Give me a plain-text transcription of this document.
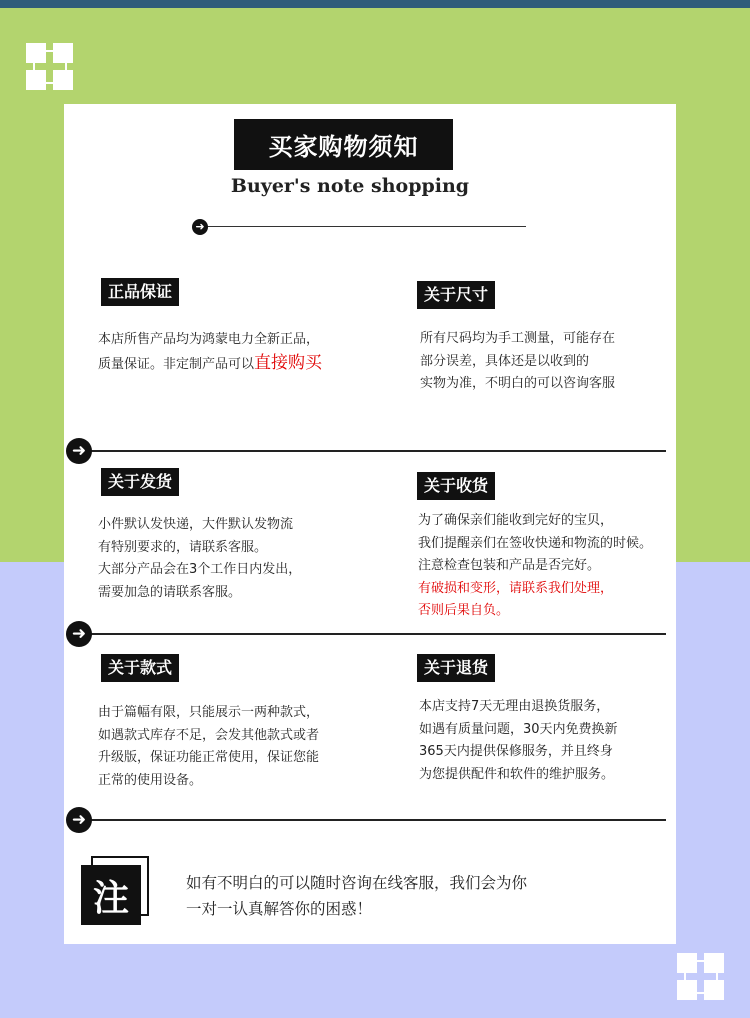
买家购物须知
Buyer's note shopping
➜
正品保证
本店所售产品均为鸿蒙电力全新正品，
质量保证。非定制产品可以直接购买
关于尺寸
所有尺码均为手工测量，可能存在
部分误差，具体还是以收到的
实物为准，不明白的可以咨询客服
➜
关于发货
小件默认发快递，大件默认发物流
有特别要求的，请联系客服。
大部分产品会在3个工作日内发出，
需要加急的请联系客服。
关于收货
为了确保亲们能收到完好的宝贝，
我们提醒亲们在签收快递和物流的时候。
注意检查包装和产品是否完好。
有破损和变形，请联系我们处理，
否则后果自负。
➜
关于款式
由于篇幅有限，只能展示一两种款式，
如遇款式库存不足，会发其他款式或者
升级版，保证功能正常使用，保证您能
正常的使用设备。
关于退货
本店支持7天无理由退换货服务，
如遇有质量问题，30天内免费换新
365天内提供保修服务，并且终身
为您提供配件和软件的维护服务。
➜
注	如有不明白的可以随时咨询在线客服，我们会为你
一对一认真解答你的困惑！
